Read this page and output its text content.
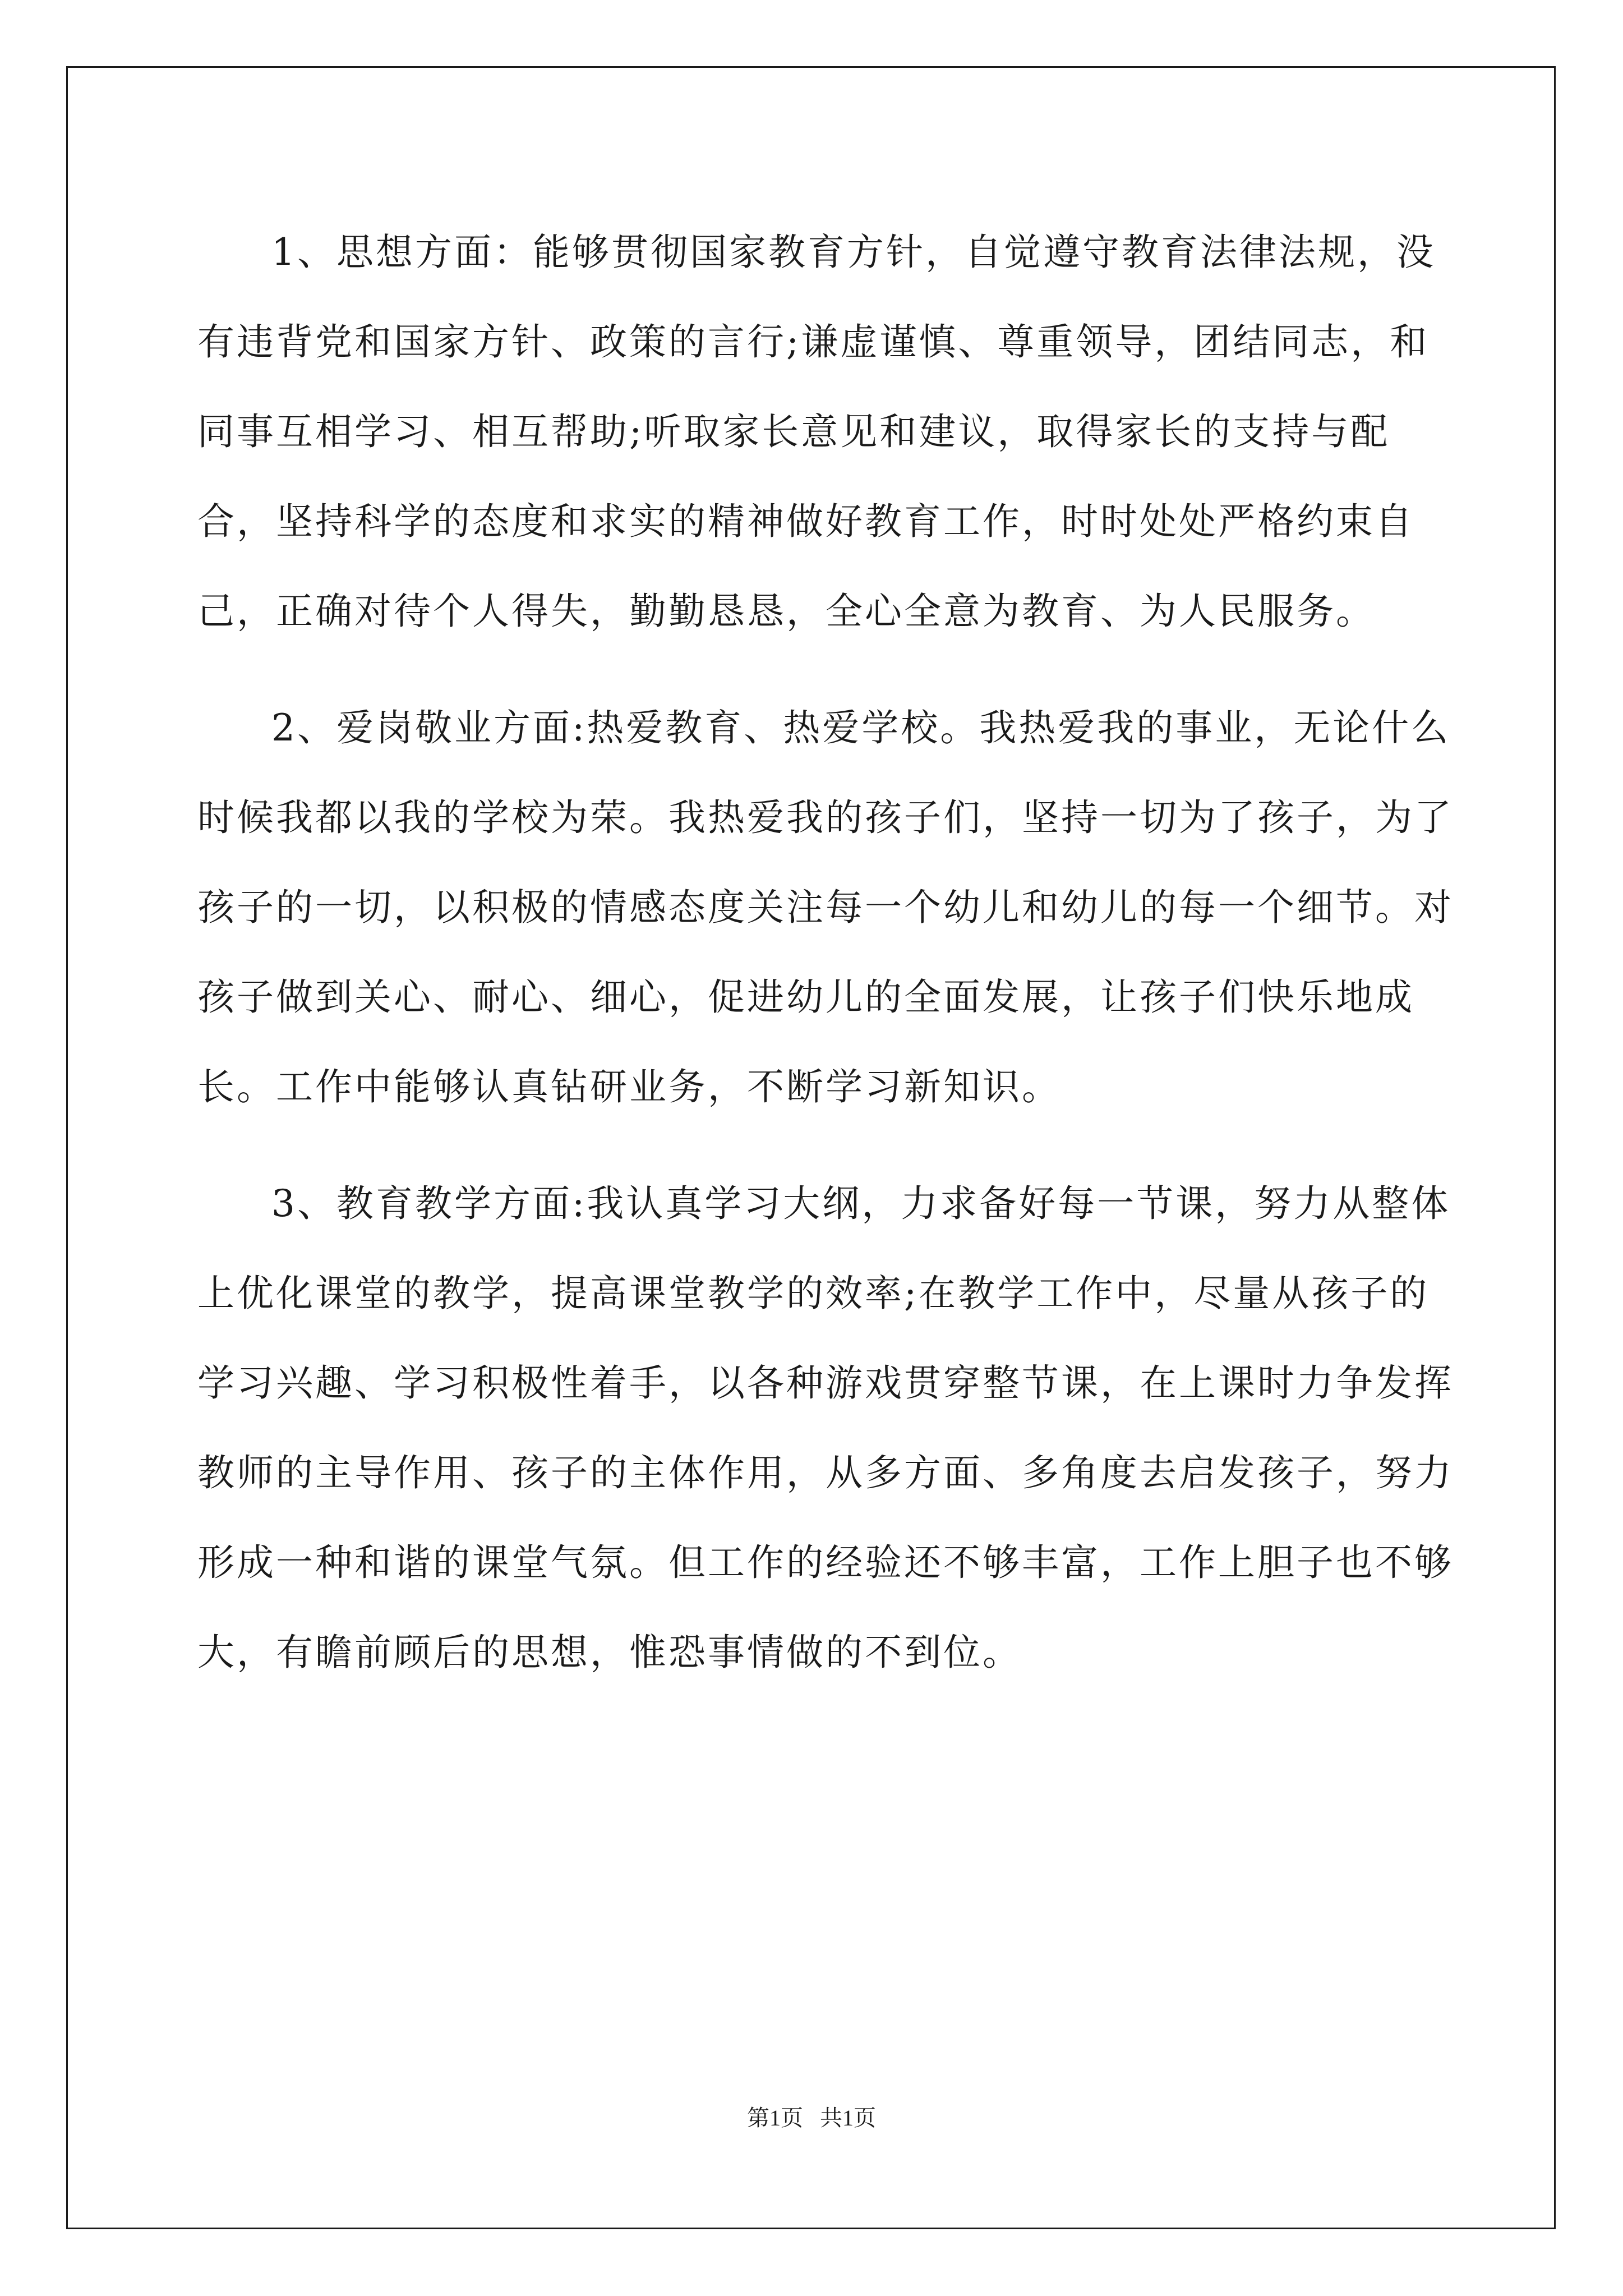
1、思想方面：能够贯彻国家教育方针，自觉遵守教育法律法规，没有违背党和国家方针、政策的言行;谦虚谨慎、尊重领导，团结同志，和同事互相学习、相互帮助;听取家长意见和建议，取得家长的支持与配合，坚持科学的态度和求实的精神做好教育工作，时时处处严格约束自己，正确对待个人得失，勤勤恳恳，全心全意为教育、为人民服务。

2、爱岗敬业方面:热爱教育、热爱学校。我热爱我的事业，无论什么时候我都以我的学校为荣。我热爱我的孩子们，坚持一切为了孩子，为了孩子的一切，以积极的情感态度关注每一个幼儿和幼儿的每一个细节。对孩子做到关心、耐心、细心，促进幼儿的全面发展，让孩子们快乐地成长。工作中能够认真钻研业务，不断学习新知识。

3、教育教学方面:我认真学习大纲，力求备好每一节课，努力从整体上优化课堂的教学，提高课堂教学的效率;在教学工作中，尽量从孩子的学习兴趣、学习积极性着手，以各种游戏贯穿整节课，在上课时力争发挥教师的主导作用、孩子的主体作用，从多方面、多角度去启发孩子，努力形成一种和谐的课堂气氛。但工作的经验还不够丰富，工作上胆子也不够大，有瞻前顾后的思想，惟恐事情做的不到位。

第1页   共1页
